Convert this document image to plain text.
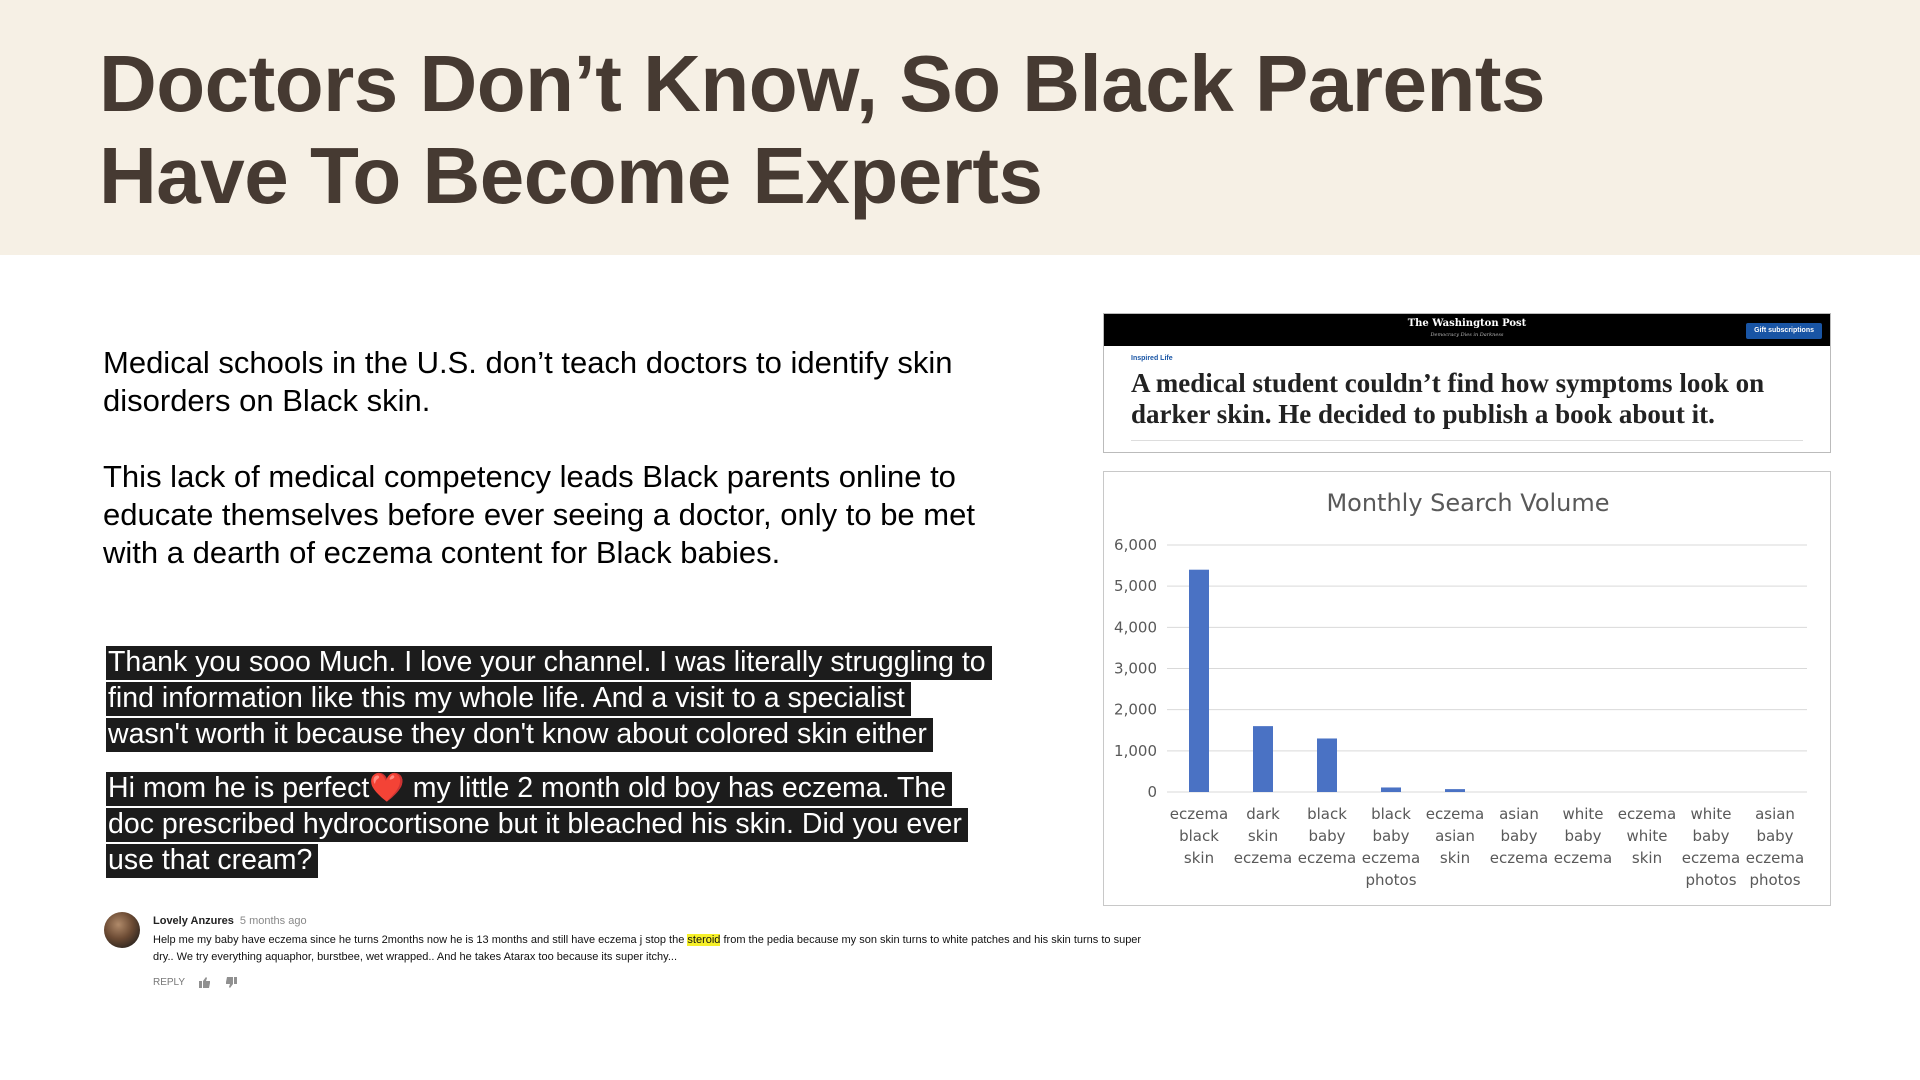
Doctors Don’t Know, So Black Parents Have To Become Experts
Medical schools in the U.S. don’t teach doctors to identify skin disorders on Black skin.
This lack of medical competency leads Black parents online to educate themselves before ever seeing a doctor, only to be met with a dearth of eczema content for Black babies.
Thank you sooo Much. I love your channel. I was literally struggling to find information like this my whole life. And a visit to a specialist wasn't worth it because they don't know about colored skin either
Hi mom he is perfect❤️ my little 2 month old boy has eczema. The doc prescribed hydrocortisone but it bleached his skin. Did you ever use that cream?
Lovely Anzures 5 months ago
Help me my baby have eczema since he turns 2months now he is 13 months and still have eczema j stop the steroid from the pedia because my son skin turns to white patches and his skin turns to super dry.. We try everything aquaphor, burstbee, wet wrapped.. And he takes Atarax too because its super itchy...
REPLY
The Washington Post
Democracy Dies in Darkness
Gift subscriptions
Inspired Life
A medical student couldn’t find how symptoms look on darker skin. He decided to publish a book about it.
Monthly Search Volume
0
1,000
2,000
3,000
4,000
5,000
6,000
eczema black skin
dark skin eczema
black baby eczema
black baby eczema photos
eczema asian skin
asian baby eczema
white baby eczema
eczema white skin
white baby eczema photos
asian baby eczema photos
